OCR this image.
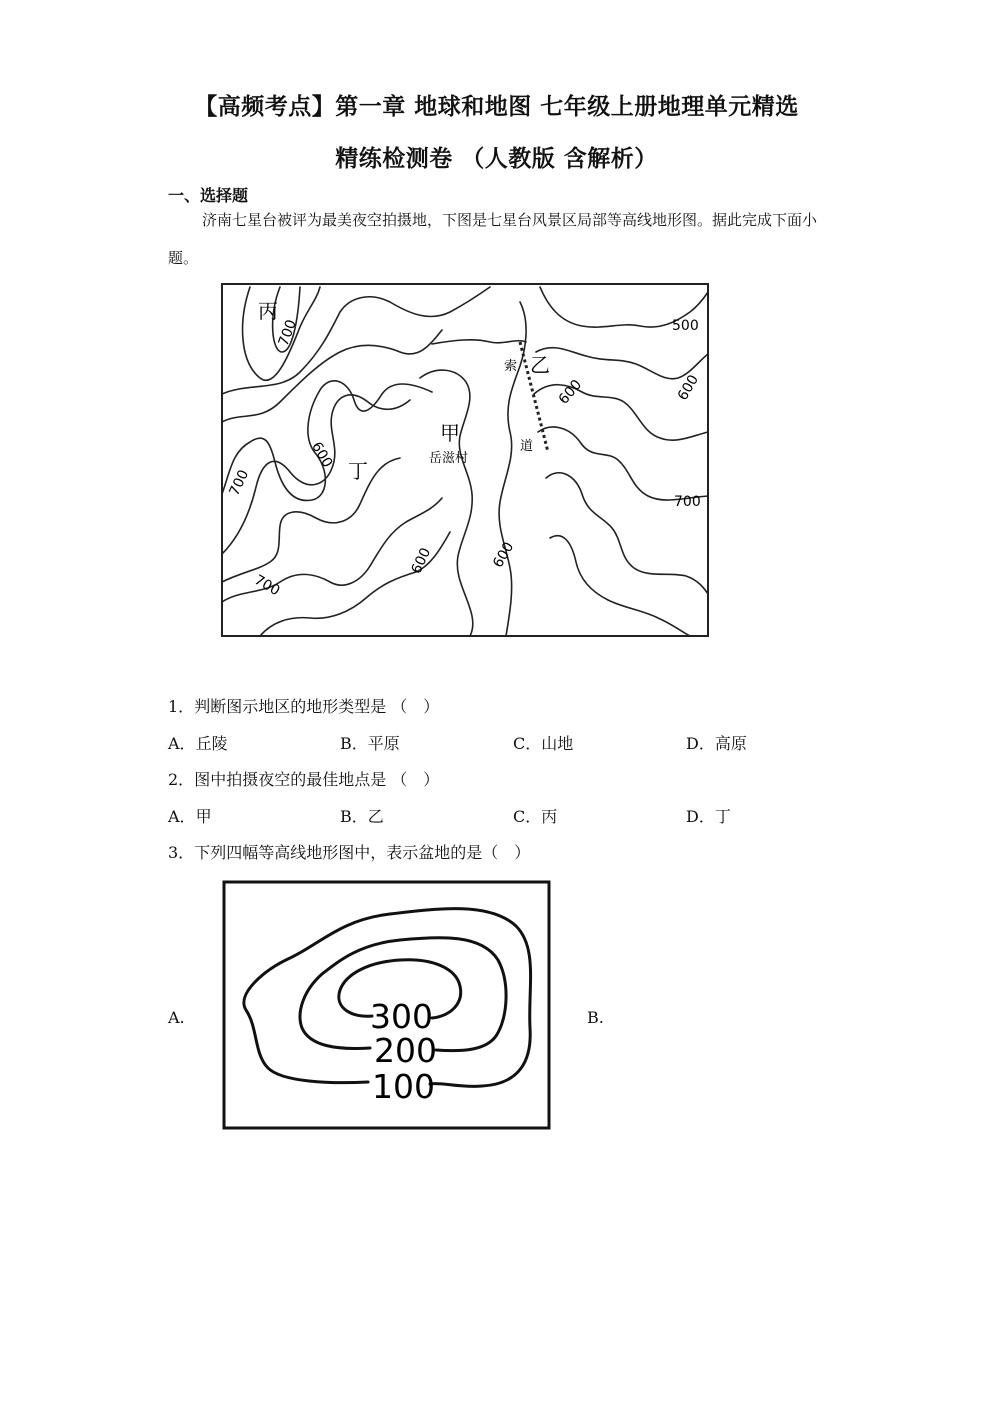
【高频考点】第一章 地球和地图 七年级上册地理单元精选
精练检测卷 （人教版 含解析）
一、选择题
济南七星台被评为最美夜空拍摄地，下图是七星台风景区局部等高线地形图。据此完成下面小题。
丙
乙
甲
丁
岳滋村
索
道
700	500
600	600
600
700
700
600	600
700
1．判断图示地区的地形类型是 （　）
A．丘陵	B．平原	C．山地	D．高原
2．图中拍摄夜空的最佳地点是 （　）
A．甲	B．乙	C．丙	D．丁
3．下列四幅等高线地形图中，表示盆地的是（　）
A.	300
200
100
B.
